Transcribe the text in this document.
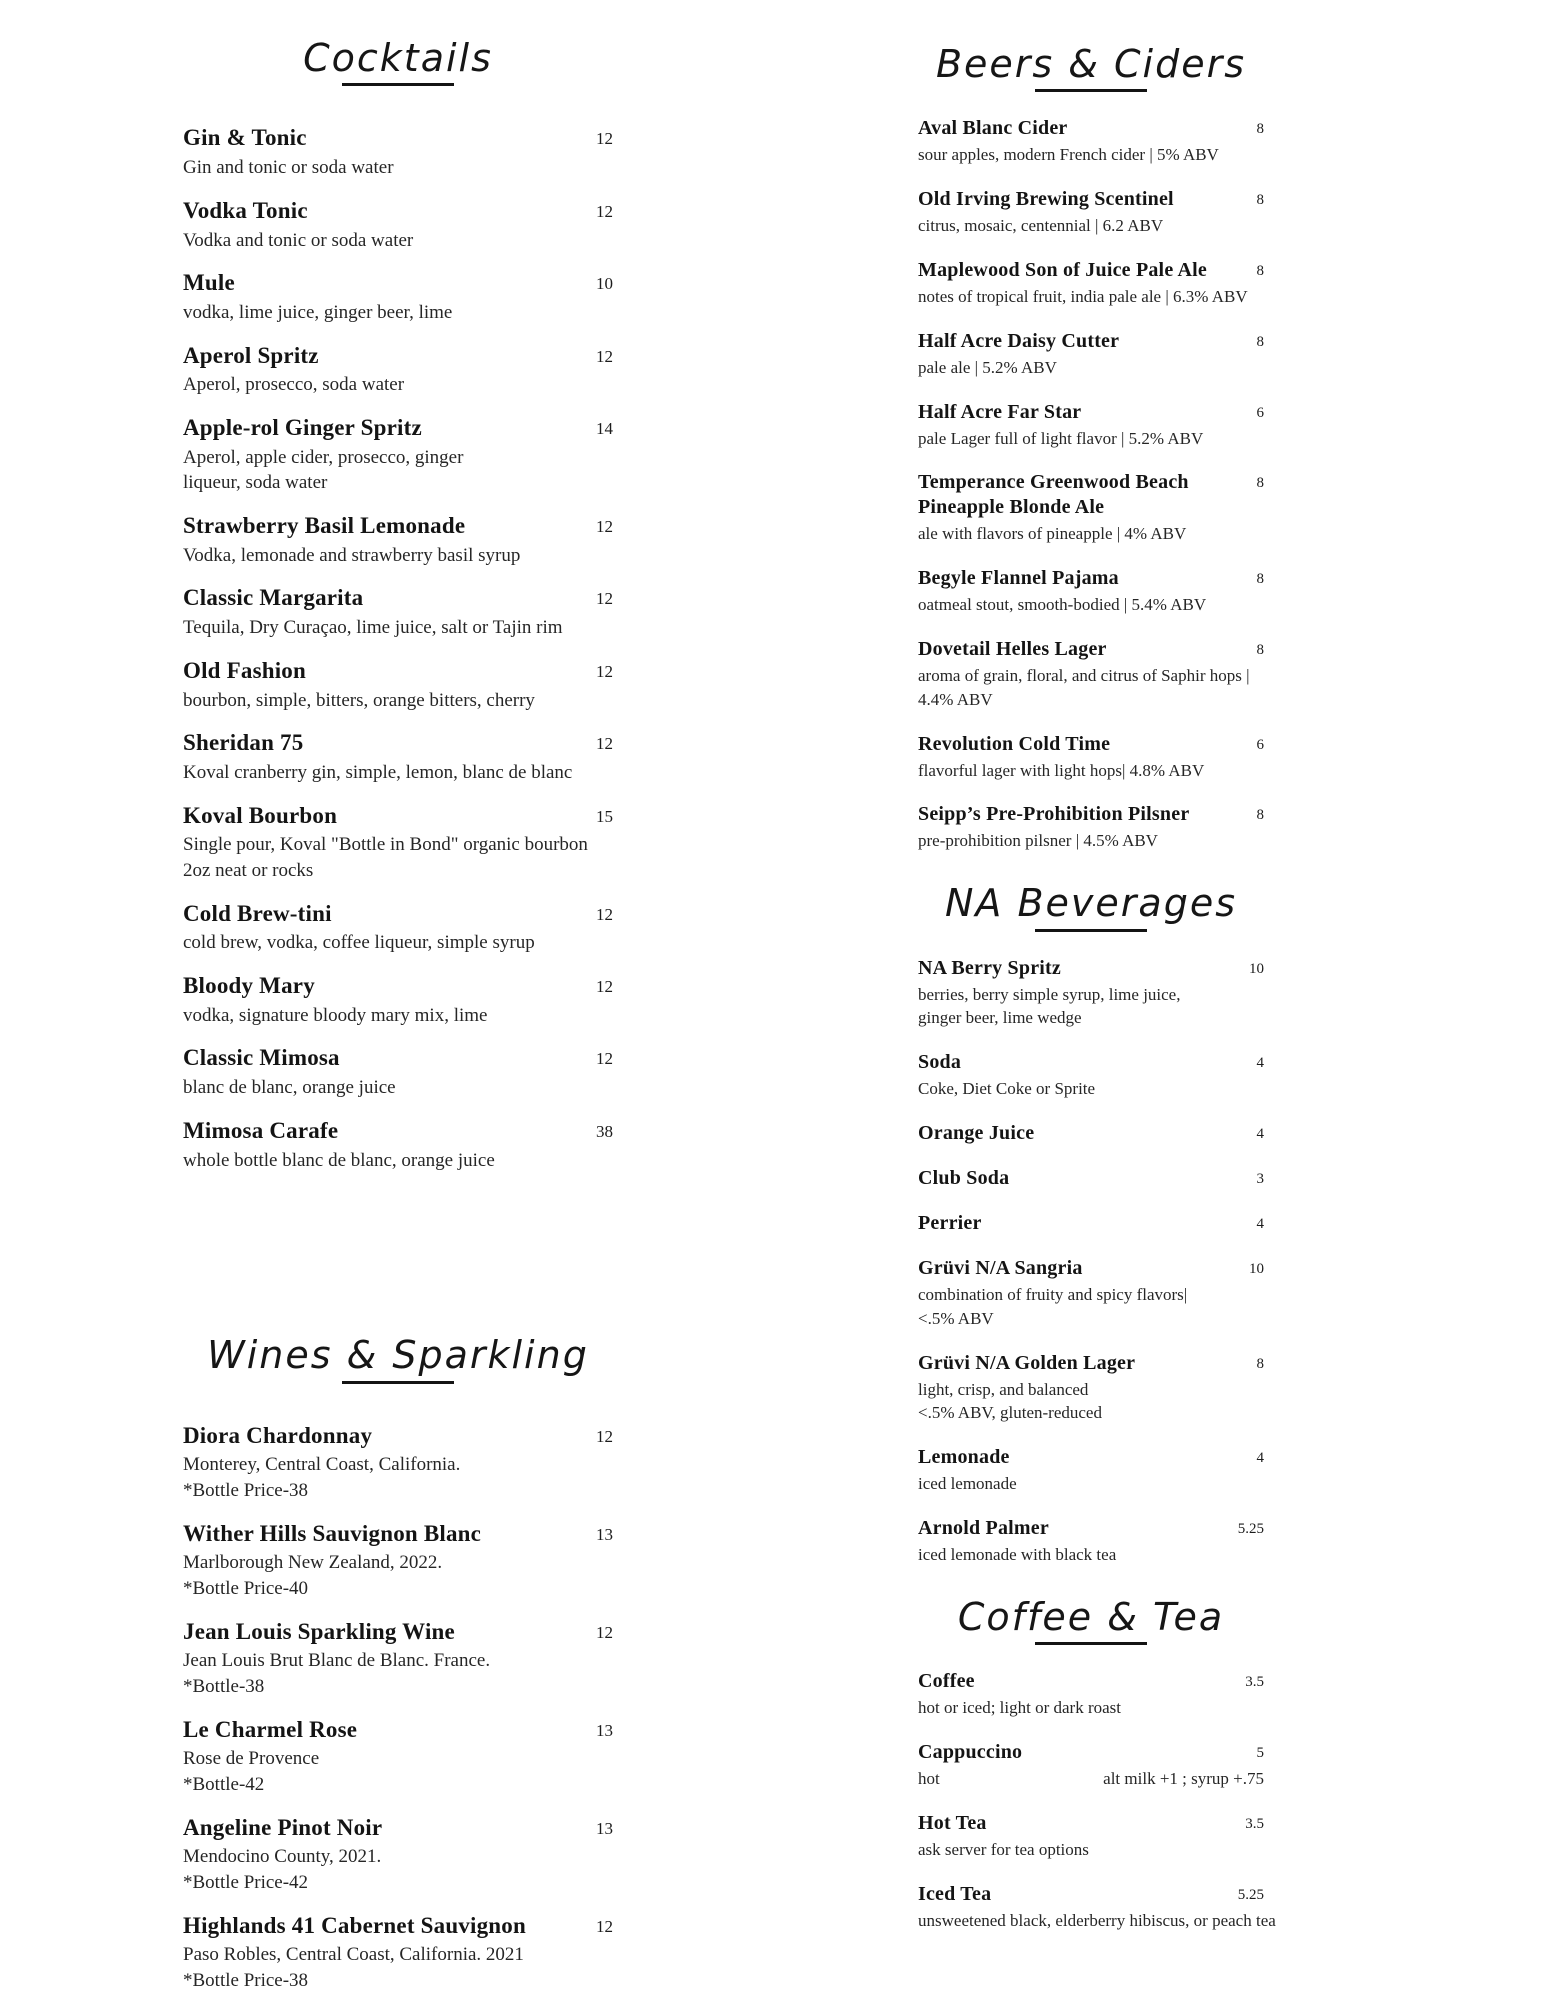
Cocktails
Gin & Tonic	12
Gin and tonic or soda water
Vodka Tonic	12
Vodka and tonic or soda water
Mule	10
vodka, lime juice, ginger beer, lime
Aperol Spritz	12
Aperol, prosecco, soda water
Apple-rol Ginger Spritz	14
Aperol, apple cider, prosecco, ginger
liqueur, soda water
Strawberry Basil Lemonade	12
Vodka, lemonade and strawberry basil syrup
Classic Margarita	12
Tequila, Dry Curaçao, lime juice, salt or Tajin rim
Old Fashion	12
bourbon, simple, bitters, orange bitters, cherry
Sheridan 75	12
Koval cranberry gin, simple, lemon, blanc de blanc
Koval Bourbon	15
Single pour, Koval "Bottle in Bond" organic bourbon
2oz neat or rocks
Cold Brew-tini	12
cold brew, vodka, coffee liqueur, simple syrup
Bloody Mary	12
vodka, signature bloody mary mix, lime
Classic Mimosa	12
blanc de blanc, orange juice
Mimosa Carafe	38
whole bottle blanc de blanc, orange juice
Wines & Sparkling
Diora Chardonnay	12
Monterey, Central Coast, California.
*Bottle Price-38
Wither Hills Sauvignon Blanc	13
Marlborough New Zealand, 2022.
*Bottle Price-40
Jean Louis Sparkling Wine	12
Jean Louis Brut Blanc de Blanc. France.
*Bottle-38
Le Charmel Rose	13
Rose de Provence
*Bottle-42
Angeline Pinot Noir	13
Mendocino County, 2021.
*Bottle Price-42
Highlands 41 Cabernet Sauvignon	12
Paso Robles, Central Coast, California. 2021
*Bottle Price-38
Beers & Ciders
Aval Blanc Cider	8
sour apples, modern French cider | 5% ABV
Old Irving Brewing Scentinel	8
citrus, mosaic, centennial | 6.2 ABV
Maplewood Son of Juice Pale Ale	8
notes of tropical fruit, india pale ale | 6.3% ABV
Half Acre Daisy Cutter	8
pale ale | 5.2% ABV
Half Acre Far Star	6
pale Lager full of light flavor | 5.2% ABV
Temperance Greenwood Beach Pineapple Blonde Ale
8
ale with flavors of pineapple | 4% ABV
Begyle Flannel Pajama	8
oatmeal stout, smooth-bodied | 5.4% ABV
Dovetail Helles Lager	8
aroma of grain, floral, and citrus of Saphir hops |
4.4% ABV
Revolution Cold Time	6
flavorful lager with light hops| 4.8% ABV
Seipp’s Pre-Prohibition Pilsner	8
pre-prohibition pilsner | 4.5% ABV
NA Beverages
NA Berry Spritz	10
berries, berry simple syrup, lime juice,
ginger beer, lime wedge
Soda	4
Coke, Diet Coke or Sprite
Orange Juice	4
Club Soda	3
Perrier	4
Grüvi N/A Sangria	10
combination of fruity and spicy flavors|
<.5% ABV
Grüvi N/A Golden Lager	8
light, crisp, and balanced
<.5% ABV, gluten-reduced
Lemonade	4
iced lemonade
Arnold Palmer	5.25
iced lemonade with black tea
Coffee & Tea
Coffee	3.5
hot or iced; light or dark roast
Cappuccino	5
hot	alt milk +1 ; syrup +.75
Hot Tea	3.5
ask server for tea options
Iced Tea	5.25
unsweetened black, elderberry hibiscus, or peach tea
